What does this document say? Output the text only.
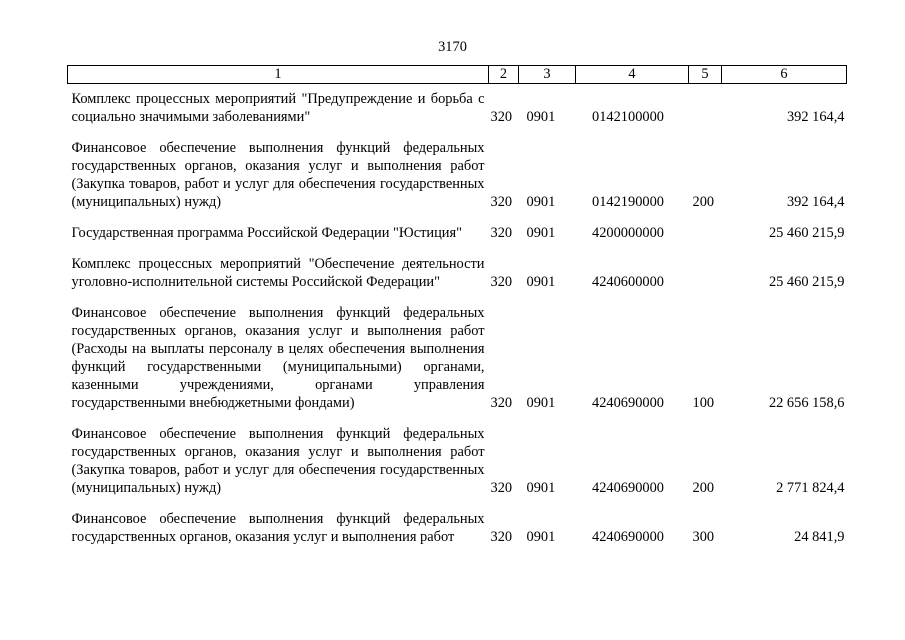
3170
1	2	3	4	5	6
Комплекс процессных мероприятий "Предупреждение и борьба с социально значимыми заболеваниями"	320	0901	0142100000		392 164,4
Финансовое обеспечение выполнения функций федеральных государственных органов, оказания услуг и выполнения работ (Закупка товаров, работ и услуг для обеспечения государственных (муниципальных) нужд)	320	0901	0142190000	200	392 164,4
Государственная программа Российской Федерации "Юстиция"	320	0901	4200000000		25 460 215,9
Комплекс процессных мероприятий "Обеспечение деятельности уголовно-исполнительной системы Российской Федерации"	320	0901	4240600000		25 460 215,9
Финансовое обеспечение выполнения функций федеральных государственных органов, оказания услуг и выполнения работ (Расходы на выплаты персоналу в целях обеспечения выполнения функций государственными (муниципальными) органами, казенными учреждениями, органами управления государственными внебюджетными фондами)	320	0901	4240690000	100	22 656 158,6
Финансовое обеспечение выполнения функций федеральных государственных органов, оказания услуг и выполнения работ (Закупка товаров, работ и услуг для обеспечения государственных (муниципальных) нужд)	320	0901	4240690000	200	2 771 824,4
Финансовое обеспечение выполнения функций федеральных государственных органов, оказания услуг и выполнения работ	320	0901	4240690000	300	24 841,9
